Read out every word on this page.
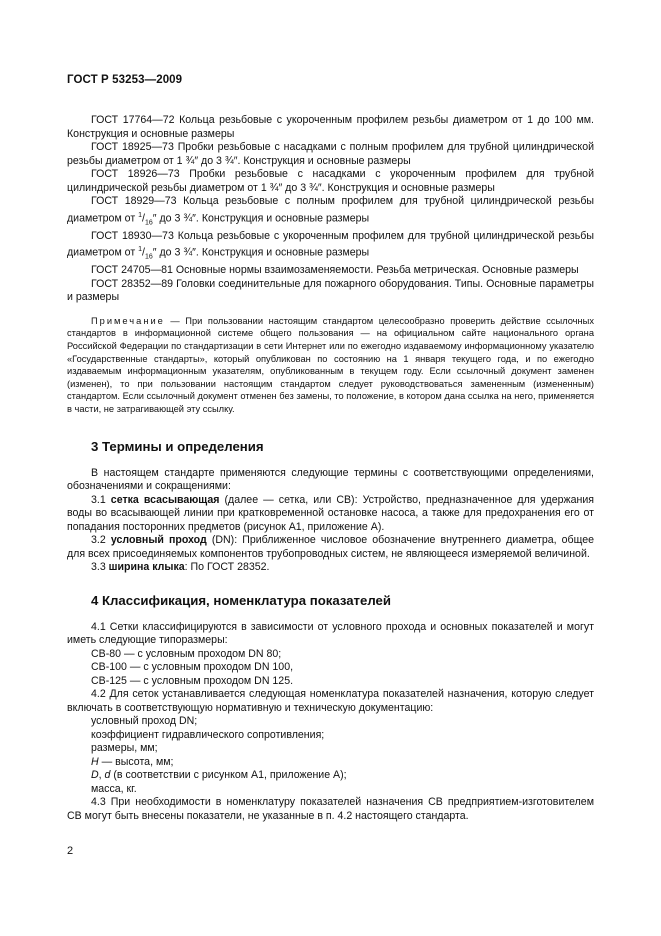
ГОСТ Р 53253—2009

ГОСТ 17764—72 Кольца резьбовые с укороченным профилем резьбы диаметром от 1 до 100 мм. Конструкция и основные размеры

ГОСТ 18925—73 Пробки резьбовые с насадками с полным профилем для трубной цилиндрической резьбы диаметром от 1 ¾″ до 3 ¾″. Конструкция и основные размеры

ГОСТ 18926—73 Пробки резьбовые с насадками с укороченным профилем для трубной цилиндрической резьбы диаметром от 1 ¾″ до 3 ¾″. Конструкция и основные размеры

ГОСТ 18929—73 Кольца резьбовые с полным профилем для трубной цилиндрической резьбы диаметром от $^1/_{16}''$ до 3 ¾″. Конструкция и основные размеры

ГОСТ 18930—73 Кольца резьбовые с укороченным профилем для трубной цилиндрической резьбы диаметром от $^1/_{16}''$ до 3 ¾″. Конструкция и основные размеры

ГОСТ 24705—81 Основные нормы взаимозаменяемости. Резьба метрическая. Основные размеры

ГОСТ 28352—89 Головки соединительные для пожарного оборудования. Типы. Основные параметры и размеры

Примечание — При пользовании настоящим стандартом целесообразно проверить действие ссылочных стандартов в информационной системе общего пользования — на официальном сайте национального органа Российской Федерации по стандартизации в сети Интернет или по ежегодно издаваемому информационному указателю «Государственные стандарты», который опубликован по состоянию на 1 января текущего года, и по ежегодно издаваемым информационным указателям, опубликованным в текущем году. Если ссылочный документ заменен (изменен), то при пользовании настоящим стандартом следует руководствоваться замененным (измененным) стандартом. Если ссылочный документ отменен без замены, то положение, в котором дана ссылка на него, применяется в части, не затрагивающей эту ссылку.

3 Термины и определения

В настоящем стандарте применяются следующие термины с соответствующими определениями, обозначениями и сокращениями:

3.1 сетка всасывающая (далее — сетка, или СВ): Устройство, предназначенное для удержания воды во всасывающей линии при кратковременной остановке насоса, а также для предохранения его от попадания посторонних предметов (рисунок А1, приложение А).

3.2 условный проход (DN): Приближенное числовое обозначение внутреннего диаметра, общее для всех присоединяемых компонентов трубопроводных систем, не являющееся измеряемой величиной.

3.3 ширина клыка: По ГОСТ 28352.

4 Классификация, номенклатура показателей

4.1 Сетки классифицируются в зависимости от условного прохода и основных показателей и могут иметь следующие типоразмеры:

СВ-80 — с условным проходом DN 80;
СВ-100 — с условным проходом DN 100,
СВ-125 — с условным проходом DN 125.

4.2 Для сеток устанавливается следующая номенклатура показателей назначения, которую следует включать в соответствующую нормативную и техническую документацию:

условный проход DN;
коэффициент гидравлического сопротивления;
размеры, мм;
H — высота, мм;
D, d (в соответствии с рисунком А1, приложение А);
масса, кг.

4.3 При необходимости в номенклатуру показателей назначения СВ предприятием-изготовителем СВ могут быть внесены показатели, не указанные в п. 4.2 настоящего стандарта.

2
